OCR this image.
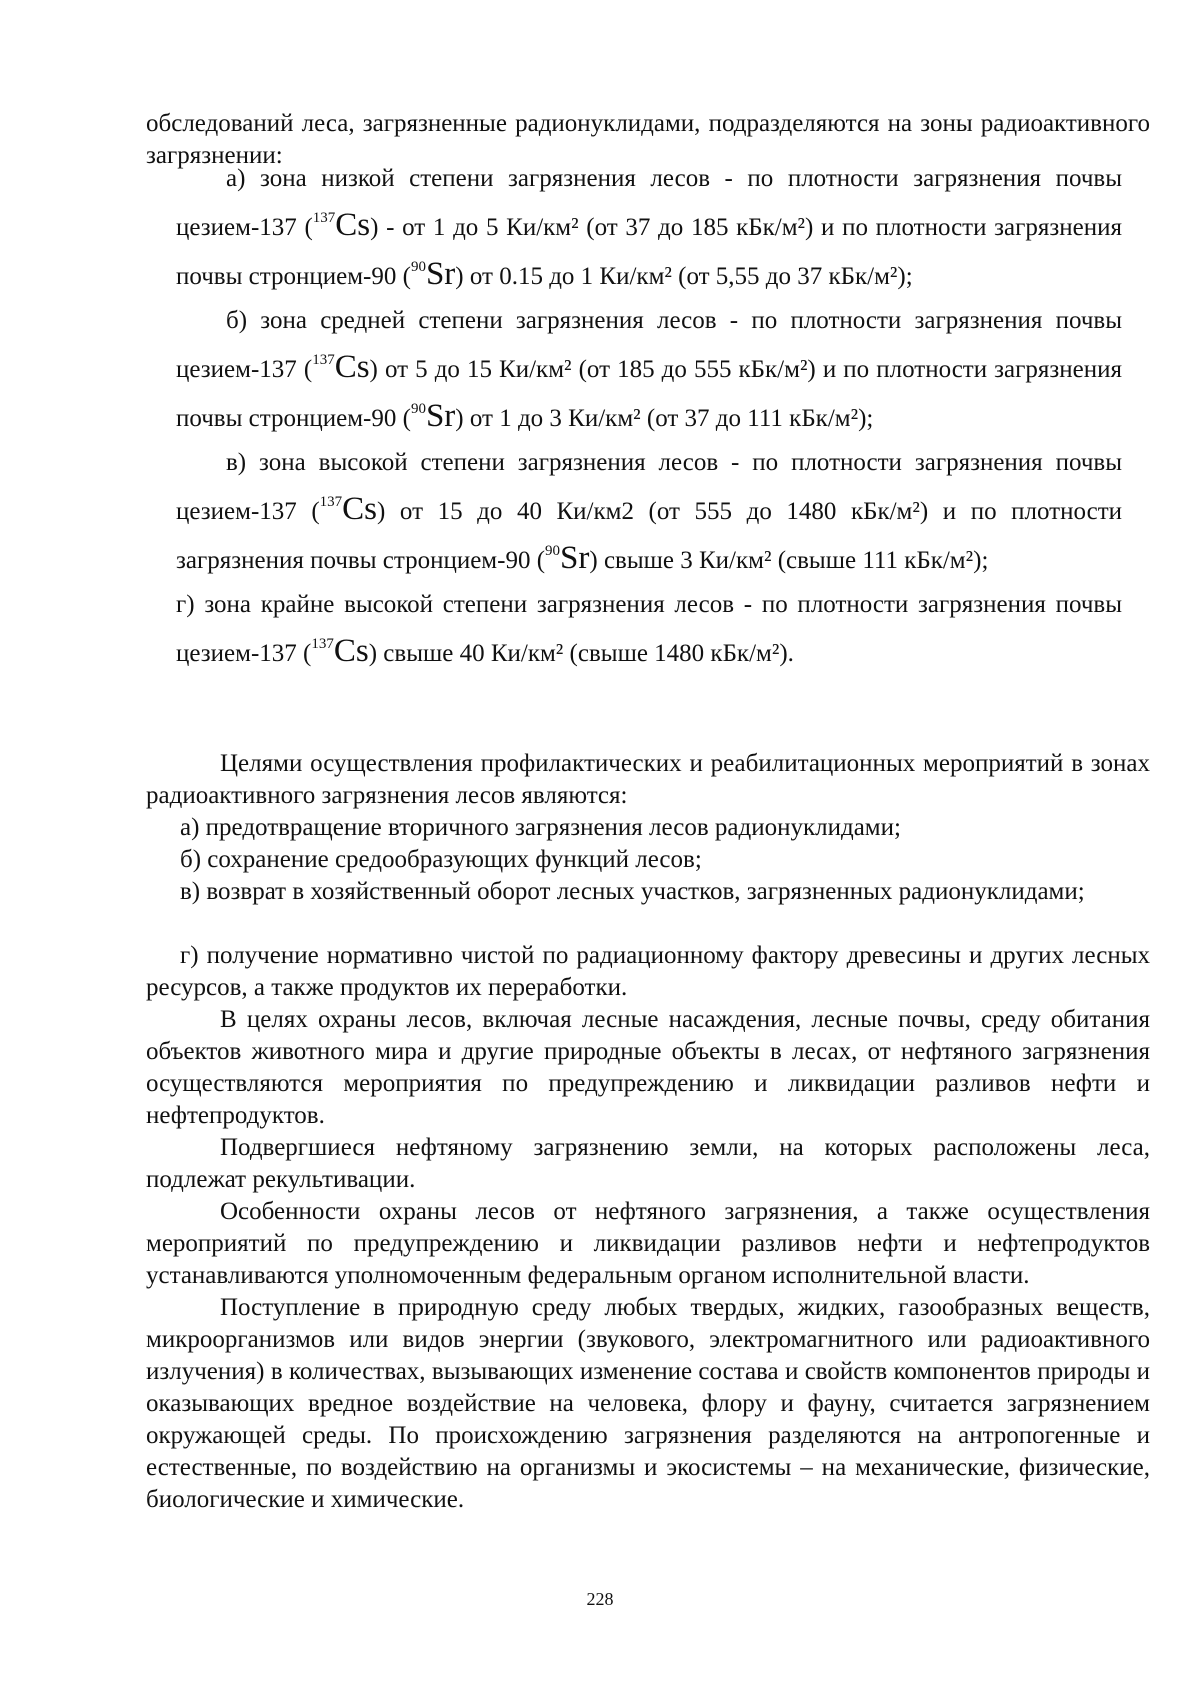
обследований леса, загрязненные радионуклидами, подразделяются на зоны радиоактивного загрязнении:

а) зона низкой степени загрязнения лесов - по плотности загрязнения почвы цезием-137 ($^{137}$Cs) - от 1 до 5 Ки/км² (от 37 до 185 кБк/м²) и по плотности загрязнения почвы стронцием-90 ($^{90}$Sr) от 0.15 до 1 Ки/км² (от 5,55 до 37 кБк/м²);

б) зона средней степени загрязнения лесов - по плотности загрязнения почвы цезием-137 ($^{137}$Cs) от 5 до 15 Ки/км² (от 185 до 555 кБк/м²) и по плотности загрязнения почвы стронцием-90 ($^{90}$Sr) от 1 до 3 Ки/км² (от 37 до 111 кБк/м²);

в) зона высокой степени загрязнения лесов - по плотности загрязнения почвы цезием-137 ($^{137}$Cs) от 15 до 40 Ки/км2 (от 555 до 1480 кБк/м²) и по плотности загрязнения почвы стронцием-90 ($^{90}$Sr) свыше 3 Ки/км² (свыше 111 кБк/м²);

г) зона крайне высокой степени загрязнения лесов - по плотности загрязнения почвы цезием-137 ($^{137}$Cs) свыше 40 Ки/км² (свыше 1480 кБк/м²).

Целями осуществления профилактических и реабилитационных мероприятий в зонах радиоактивного загрязнения лесов являются:

а) предотвращение вторичного загрязнения лесов радионуклидами;

б) сохранение средообразующих функций лесов;

в) возврат в хозяйственный оборот лесных участков, загрязненных радионуклидами;

г) получение нормативно чистой по радиационному фактору древесины и других лесных ресурсов, а также продуктов их переработки.

В целях охраны лесов, включая лесные насаждения, лесные почвы, среду обитания объектов животного мира и другие природные объекты в лесах, от нефтяного загрязнения осуществляются мероприятия по предупреждению и ликвидации разливов нефти и нефтепродуктов.

Подвергшиеся нефтяному загрязнению земли, на которых расположены леса, подлежат рекультивации.

Особенности охраны лесов от нефтяного загрязнения, а также осуществления мероприятий по предупреждению и ликвидации разливов нефти и нефтепродуктов устанавливаются уполномоченным федеральным органом исполнительной власти.

Поступление в природную среду любых твердых, жидких, газообразных веществ, микроорганизмов или видов энергии (звукового, электромагнитного или радиоактивного излучения) в количествах, вызывающих изменение состава и свойств компонентов природы и оказывающих вредное воздействие на человека, флору и фауну, считается загрязнением окружающей среды. По происхождению загрязнения разделяются на антропогенные и естественные, по воздействию на организмы и экосистемы – на механические, физические, биологические и химические.

228
